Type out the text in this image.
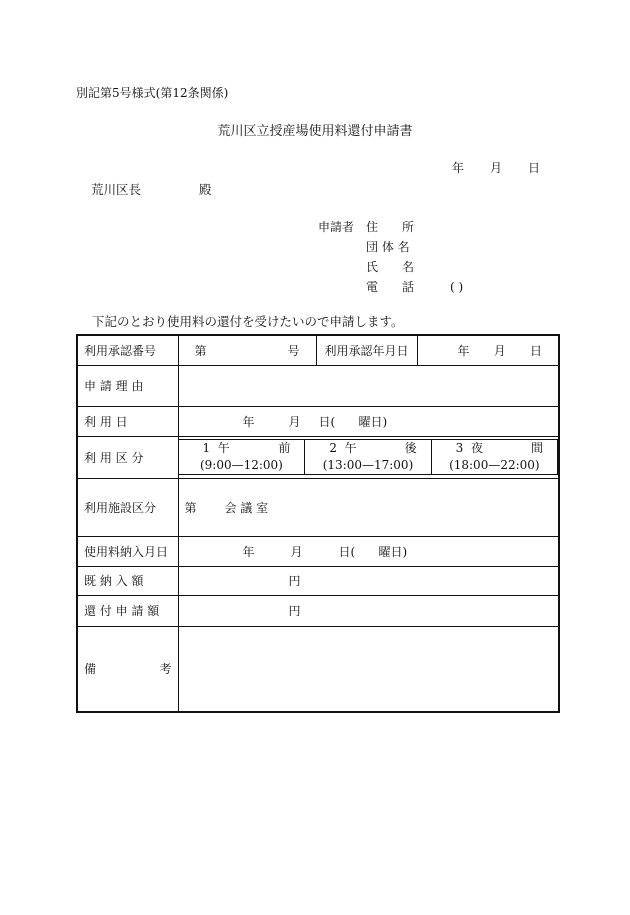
別記第5号様式(第12条関係)
荒川区立授産場使用料還付申請書
年 月 日
荒川区長	殿
申請者 住 所
団 体 名
氏 名
電 話	( )
下記のとおり使用料の還付を受けたいので申請します。
利用承認番号	第	号	利用承認年月日	年 月 日

申 請 理 由	
利 用 日	年	月	日(	曜日)

利 用 区 分	
1 午	前
(9:00—12:00)

2 午	後
(13:00—17:00)

3 夜	間
(18:00—22:00)

利用施設区分	第 会 議 室
使用料納入月日	年	月	日(	曜日)

既 納 入 額	円
還 付 申 請 額	円

備	考
